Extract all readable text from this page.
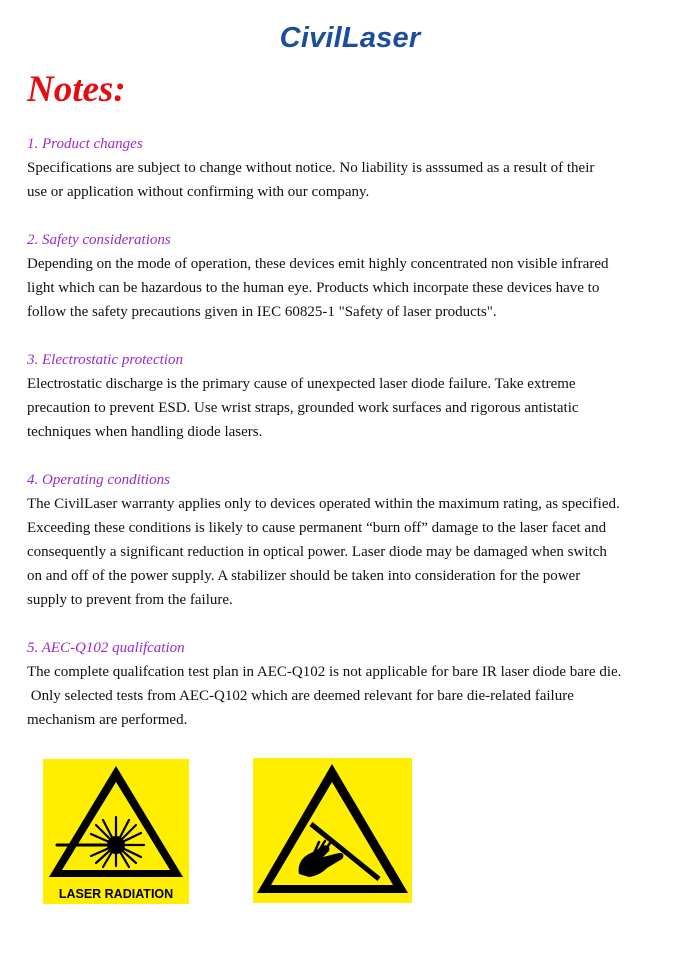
CivilLaser
Notes:
1. Product changes
Specifications are subject to change without notice. No liability is asssumed as a result of their
use or application without confirming with our company.
2. Safety considerations
Depending on the mode of operation, these devices emit highly concentrated non visible infrared
light which can be hazardous to the human eye. Products which incorpate these devices have to
follow the safety precautions given in IEC 60825-1 "Safety of laser products".
3. Electrostatic protection
Electrostatic discharge is the primary cause of unexpected laser diode failure. Take extreme
precaution to prevent ESD. Use wrist straps, grounded work surfaces and rigorous antistatic
techniques when handling diode lasers.
4. Operating conditions
The CivilLaser warranty applies only to devices operated within the maximum rating, as specified.
Exceeding these conditions is likely to cause permanent “burn off” damage to the laser facet and
consequently a significant reduction in optical power. Laser diode may be damaged when switch
on and off of the power supply. A stabilizer should be taken into consideration for the power
supply to prevent from the failure.
5. AEC-Q102 qualifcation
The complete qualifcation test plan in AEC-Q102 is not applicable for bare IR laser diode bare die.
Only selected tests from AEC-Q102 which are deemed relevant for bare die-related failure
mechanism are performed.
LASER RADIATION
